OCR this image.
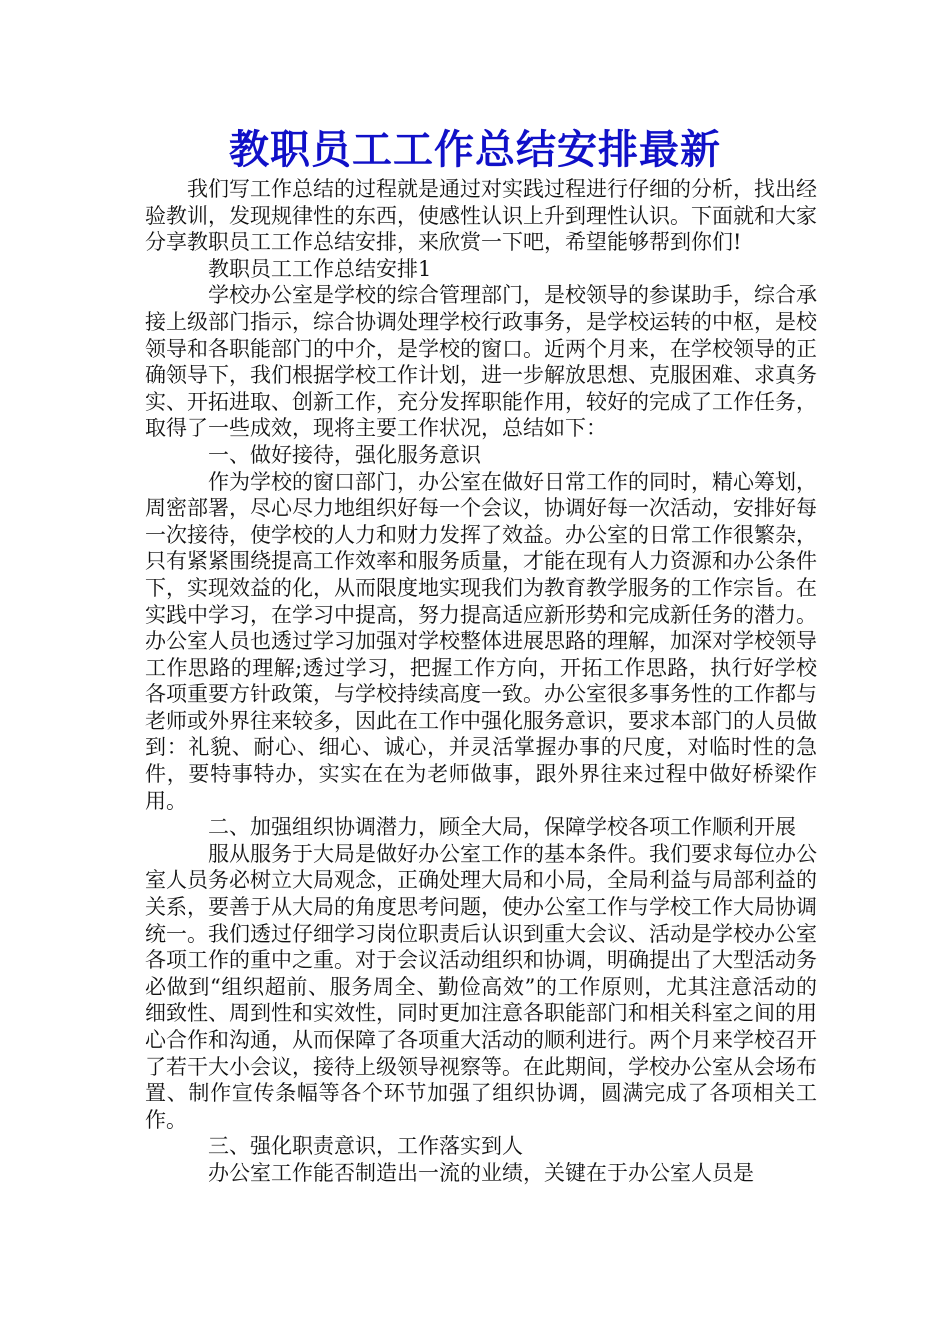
教职员工工作总结安排最新

我们写工作总结的过程就是通过对实践过程进行仔细的分析，找出经验教训，发现规律性的东西，使感性认识上升到理性认识。下面就和大家分享教职员工工作总结安排，来欣赏一下吧，希望能够帮到你们!

教职员工工作总结安排1

学校办公室是学校的综合管理部门，是校领导的参谋助手，综合承接上级部门指示，综合协调处理学校行政事务，是学校运转的中枢，是校领导和各职能部门的中介，是学校的窗口。近两个月来，在学校领导的正确领导下，我们根据学校工作计划，进一步解放思想、克服困难、求真务实、开拓进取、创新工作，充分发挥职能作用，较好的完成了工作任务，取得了一些成效，现将主要工作状况，总结如下：

一、做好接待，强化服务意识

作为学校的窗口部门，办公室在做好日常工作的同时，精心筹划，周密部署，尽心尽力地组织好每一个会议，协调好每一次活动，安排好每一次接待，使学校的人力和财力发挥了效益。办公室的日常工作很繁杂，只有紧紧围绕提高工作效率和服务质量，才能在现有人力资源和办公条件下，实现效益的化，从而限度地实现我们为教育教学服务的工作宗旨。在实践中学习，在学习中提高，努力提高适应新形势和完成新任务的潜力。办公室人员也透过学习加强对学校整体进展思路的理解，加深对学校领导工作思路的理解;透过学习，把握工作方向，开拓工作思路，执行好学校各项重要方针政策，与学校持续高度一致。办公室很多事务性的工作都与老师或外界往来较多，因此在工作中强化服务意识，要求本部门的人员做到：礼貌、耐心、细心、诚心，并灵活掌握办事的尺度，对临时性的急件，要特事特办，实实在在为老师做事，跟外界往来过程中做好桥梁作用。

二、加强组织协调潜力，顾全大局，保障学校各项工作顺利开展

服从服务于大局是做好办公室工作的基本条件。我们要求每位办公室人员务必树立大局观念，正确处理大局和小局，全局利益与局部利益的关系，要善于从大局的角度思考问题，使办公室工作与学校工作大局协调统一。我们透过仔细学习岗位职责后认识到重大会议、活动是学校办公室各项工作的重中之重。对于会议活动组织和协调，明确提出了大型活动务必做到“组织超前、服务周全、勤俭高效”的工作原则，尤其注意活动的细致性、周到性和实效性，同时更加注意各职能部门和相关科室之间的用心合作和沟通，从而保障了各项重大活动的顺利进行。两个月来学校召开了若干大小会议，接待上级领导视察等。在此期间，学校办公室从会场布置、制作宣传条幅等各个环节加强了组织协调，圆满完成了各项相关工作。

三、强化职责意识，工作落实到人

办公室工作能否制造出一流的业绩，关键在于办公室人员是
